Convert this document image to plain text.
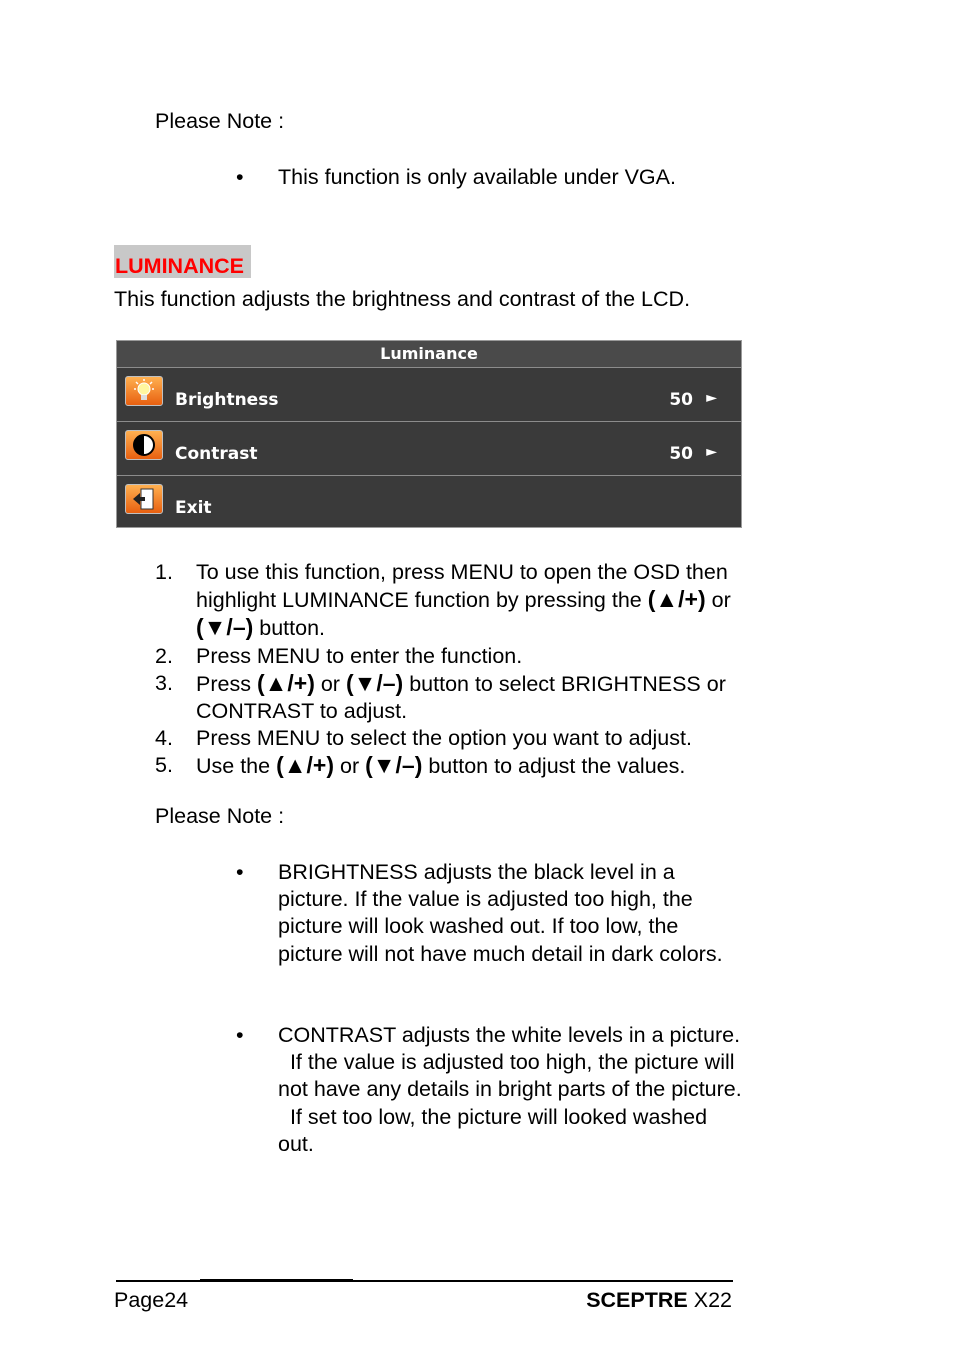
Please Note :
•	This function is only available under VGA.
LUMINANCE
This function adjusts the brightness and contrast of the LCD.
Luminance
Brightness	50 ►
Contrast	50 ►
Exit
1. To use this function, press MENU to open the OSD then highlight LUMINANCE function by pressing the (▲/+) or (▼/–) button.
2. Press MENU to enter the function.
3. Press (▲/+) or (▼/–) button to select BRIGHTNESS or CONTRAST to adjust.
4. Press MENU to select the option you want to adjust.
5. Use the (▲/+) or (▼/–) button to adjust the values.
Please Note :
•	BRIGHTNESS adjusts the black level in a picture. If the value is adjusted too high, the picture will look washed out. If too low, the picture will not have much detail in dark colors.
•	CONTRAST adjusts the white levels in a picture.   If the value is adjusted too high, the picture will not have any details in bright parts of the picture.   If set too low, the picture will looked washed out.
Page24	SCEPTRE X22
